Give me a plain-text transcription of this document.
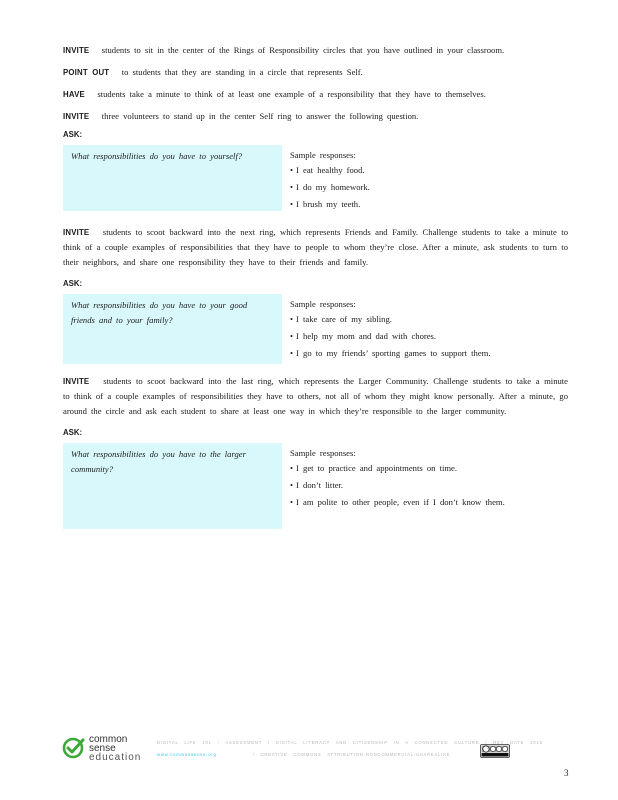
INVITE students to sit in the center of the Rings of Responsibility circles that you have outlined in your classroom.

POINT OUT to students that they are standing in a circle that represents Self.

HAVE students take a minute to think of at least one example of a responsibility that they have to themselves.

INVITE three volunteers to stand up in the center Self ring to answer the following question.

ASK:
What responsibilities do you have to yourself?	Sample responses:
• I eat healthy food.
• I do my homework.
• I brush my teeth.

INVITE students to scoot backward into the next ring, which represents Friends and Family. Challenge students to take a minute to think of a couple examples of responsibilities that they have to people to whom they’re close. After a minute, ask students to turn to their neighbors, and share one responsibility they have to their friends and family.

ASK:
What responsibilities do you have to your good friends and to your family?
Sample responses:
• I take care of my sibling.
• I help my mom and dad with chores.
• I go to my friends’ sporting games to support them.

INVITE students to scoot backward into the last ring, which represents the Larger Community. Challenge students to take a minute to think of a couple examples of responsibilities they have to others, not all of whom they might know personally. After a minute, go around the circle and ask each student to share at least one way in which they’re responsible to the larger community.

ASK:
What responsibilities do you have to the larger community?
Sample responses:
• I get to practice and appointments on time.
• I don’t litter.
• I am polite to other people, even if I don’t know them.
common
sense
education
DIGITAL LIFE 101 / ASSESSMENT / DIGITAL LITERACY AND CITIZENSHIP IN A CONNECTED CULTURE / REV DATE 2015
www.commonsense.org	/ CREATIVE COMMONS ATTRIBUTION-NONCOMMERCIAL-SHAREALIKE
3
